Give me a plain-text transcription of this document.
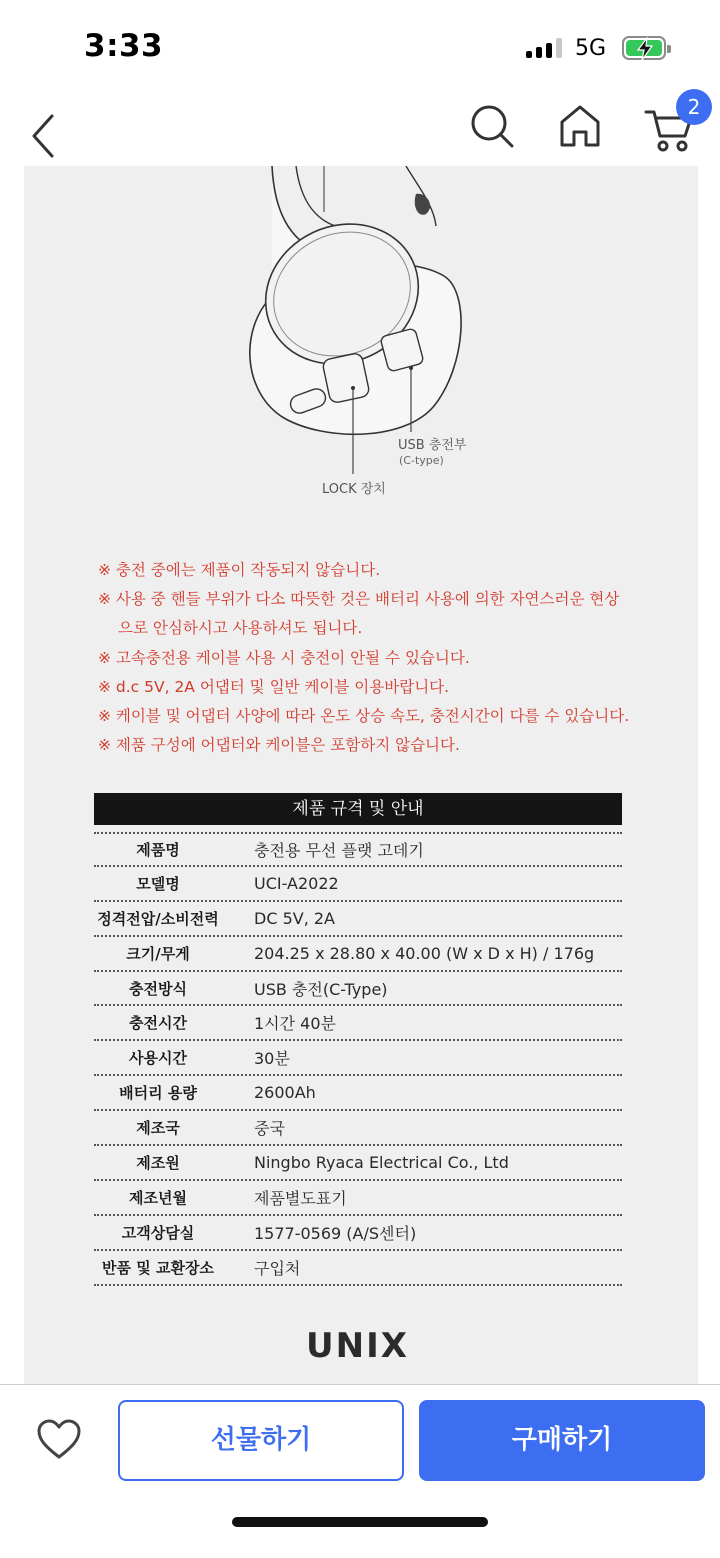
3:33	5G
2
USB 충전부
(C-type)
LOCK 장치
※ 충전 중에는 제품이 작동되지 않습니다.
※ 사용 중 핸들 부위가 다소 따뜻한 것은 배터리 사용에 의한 자연스러운 현상
으로 안심하시고 사용하셔도 됩니다.
※ 고속충전용 케이블 사용 시 충전이 안될 수 있습니다.
※ d.c 5V, 2A 어댑터 및 일반 케이블 이용바랍니다.
※ 케이블 및 어댑터 사양에 따라 온도 상승 속도, 충전시간이 다를 수 있습니다.
※ 제품 구성에 어댑터와 케이블은 포함하지 않습니다.
제품 규격 및 안내
제품명	충전용 무선 플랫 고데기
모델명	UCI-A2022
정격전압/소비전력	DC 5V, 2A
크기/무게	204.25 x 28.80 x 40.00 (W x D x H) / 176g
충전방식	USB 충전(C-Type)
충전시간	1시간 40분
사용시간	30분
배터리 용량	2600Ah
제조국	중국
제조원	Ningbo Ryaca Electrical Co., Ltd
제조년월	제품별도표기
고객상담실	1577-0569 (A/S센터)
반품 및 교환장소	구입처
UNIX
선물하기	구매하기
